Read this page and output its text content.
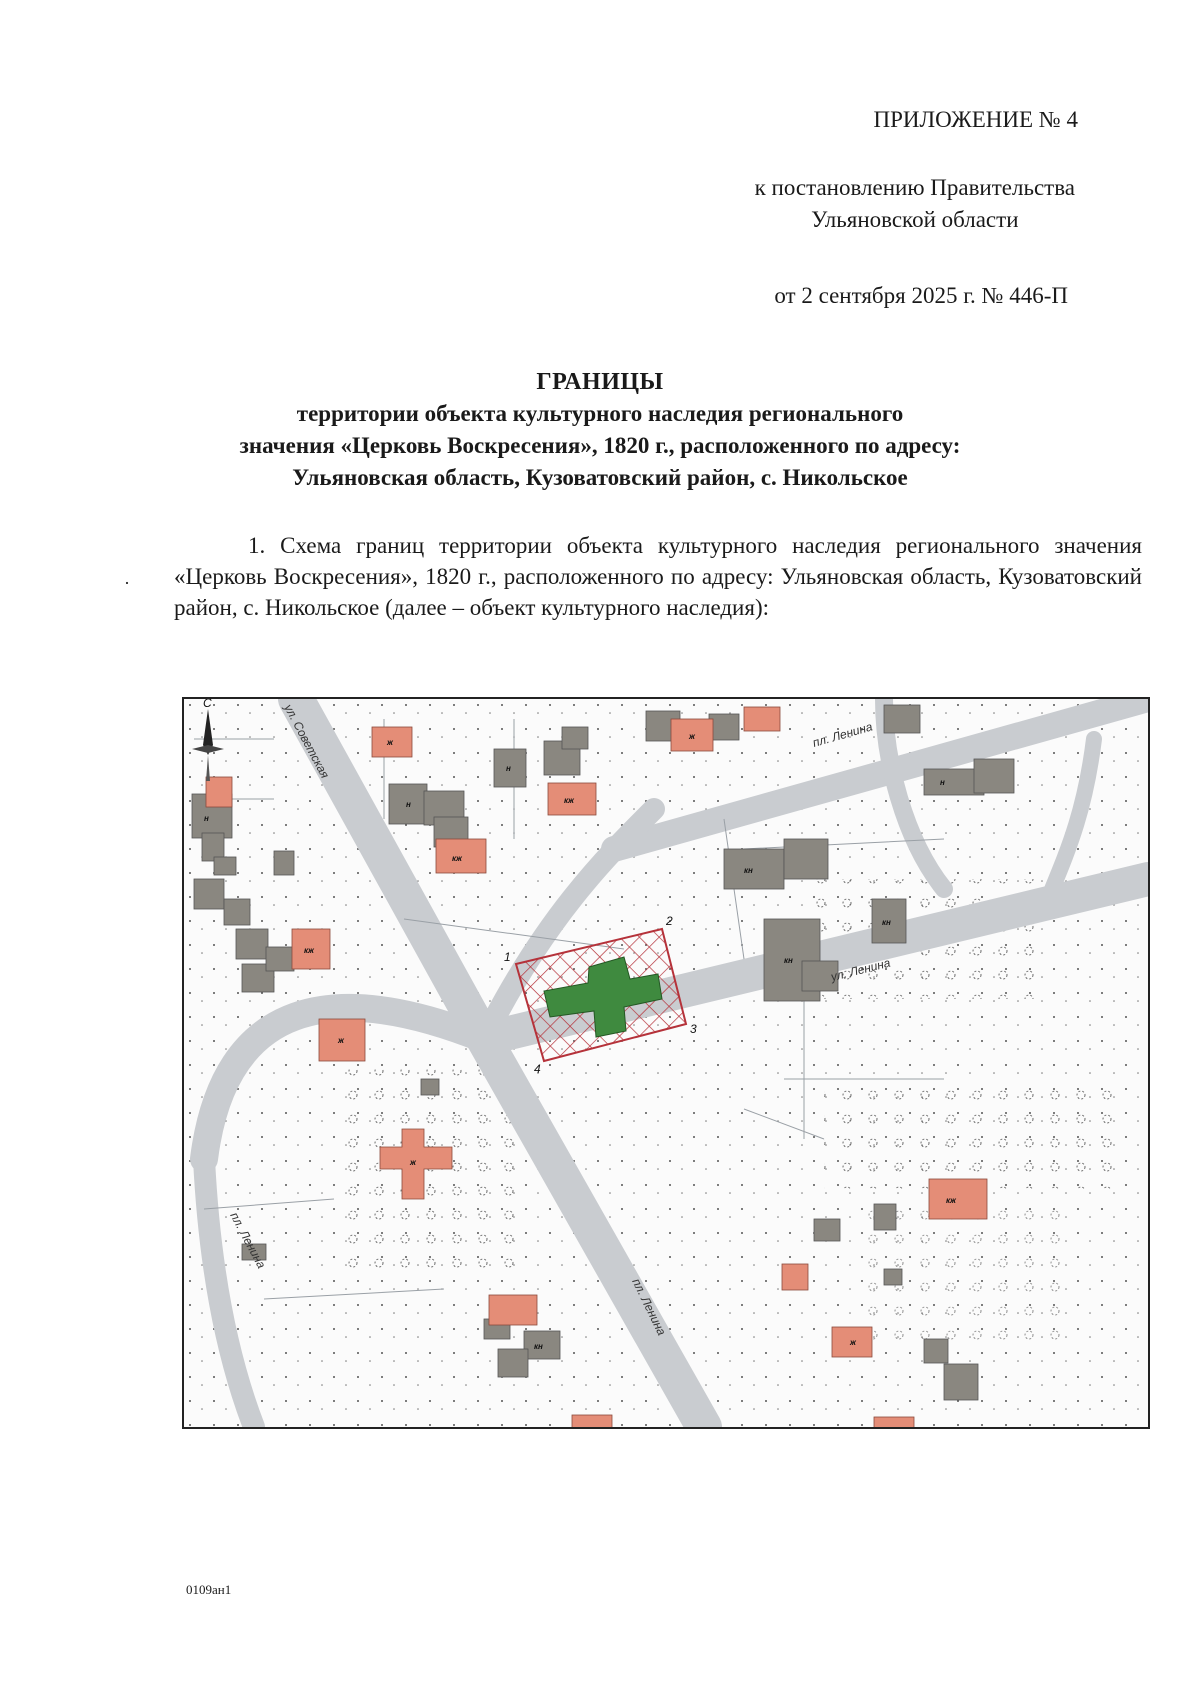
ПРИЛОЖЕНИЕ № 4
к постановлению Правительства
Ульяновской области
от 2 сентября 2025 г. № 446-П
ГРАНИЦЫ
территории объекта культурного наследия регионального
значения «Церковь Воскресения», 1820 г., расположенного по адресу:
Ульяновская область, Кузоватовский район, с. Никольское
·
1. Схема границ территории объекта культурного наследия регионального значения «Церковь Воскресения», 1820 г., расположенного по адресу: Ульяновская область, Кузоватовский район, с. Никольское (далее – объект культурного наследия):
1
2
3
4
ул. Советская	пл. Ленина
ул. Ленина
пл. Ленина
пл. Ленина
н
н
кж
кж
ж
ж
кж
ж
кн
кн
кн
кж
ж
кн	ж
н
н
С
0109ан1
